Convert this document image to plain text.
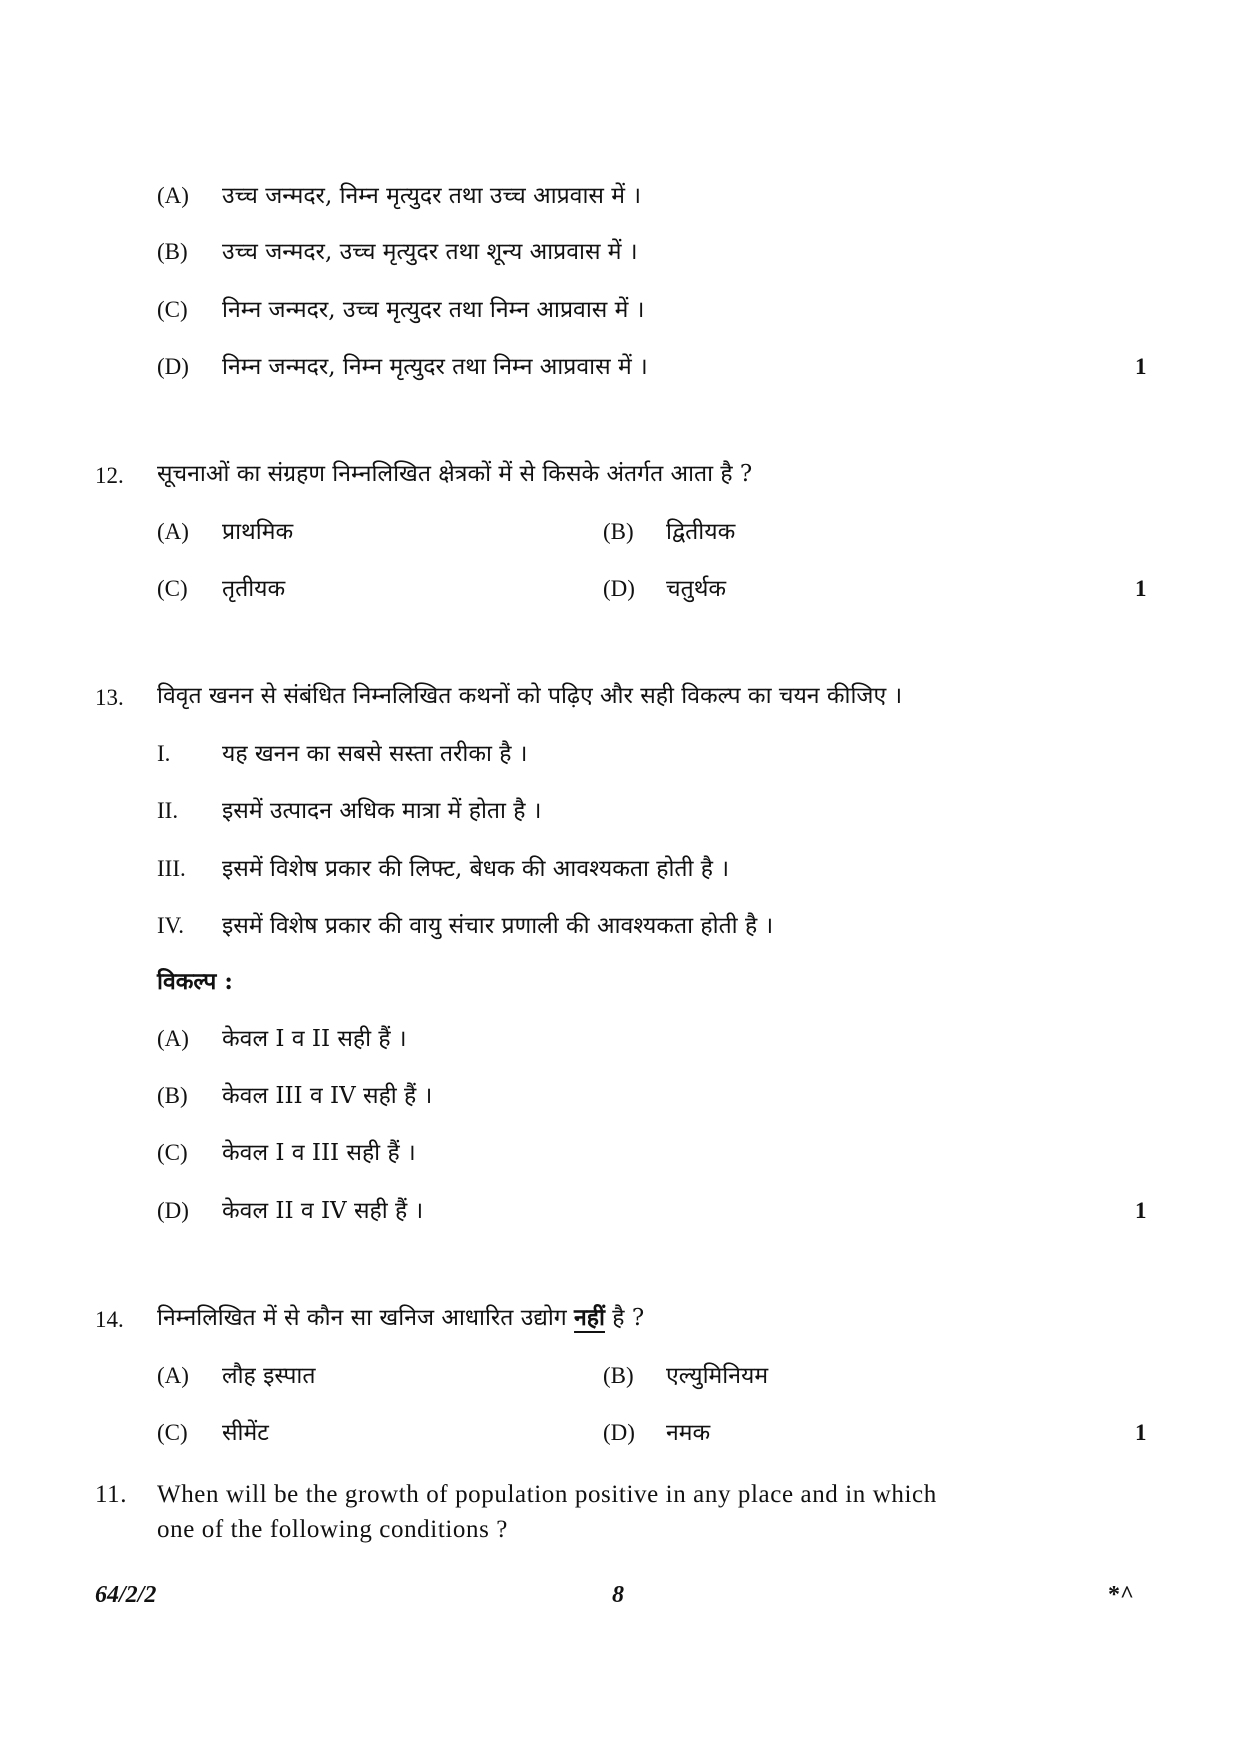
(A) उच्च जन्मदर, निम्न मृत्युदर तथा उच्च आप्रवास में ।
(B) उच्च जन्मदर, उच्च मृत्युदर तथा शून्य आप्रवास में ।
(C) निम्न जन्मदर, उच्च मृत्युदर तथा निम्न आप्रवास में ।
(D) निम्न जन्मदर, निम्न मृत्युदर तथा निम्न आप्रवास में ।	1
12. सूचनाओं का संग्रहण निम्नलिखित क्षेत्रकों में से किसके अंतर्गत आता है ?
(A) प्राथमिक	(B) द्वितीयक
(C) तृतीयक	(D) चतुर्थक	1
13. विवृत खनन से संबंधित निम्नलिखित कथनों को पढ़िए और सही विकल्प का चयन कीजिए ।
I. यह खनन का सबसे सस्ता तरीका है ।
II. इसमें उत्पादन अधिक मात्रा में होता है ।
III. इसमें विशेष प्रकार की लिफ्ट, बेधक की आवश्यकता होती है ।
IV. इसमें विशेष प्रकार की वायु संचार प्रणाली की आवश्यकता होती है ।
विकल्प :
(A) केवल I व II सही हैं ।
(B) केवल III व IV सही हैं ।
(C) केवल I व III सही हैं ।
(D) केवल II व IV सही हैं ।	1
14. निम्नलिखित में से कौन सा खनिज आधारित उद्योग नहीं है ?
(A) लौह इस्पात	(B) एल्युमिनियम
(C) सीमेंट	(D) नमक	1
11. When will be the growth of population positive in any place and in which
one of the following conditions ?
64/2/2	8	*^
